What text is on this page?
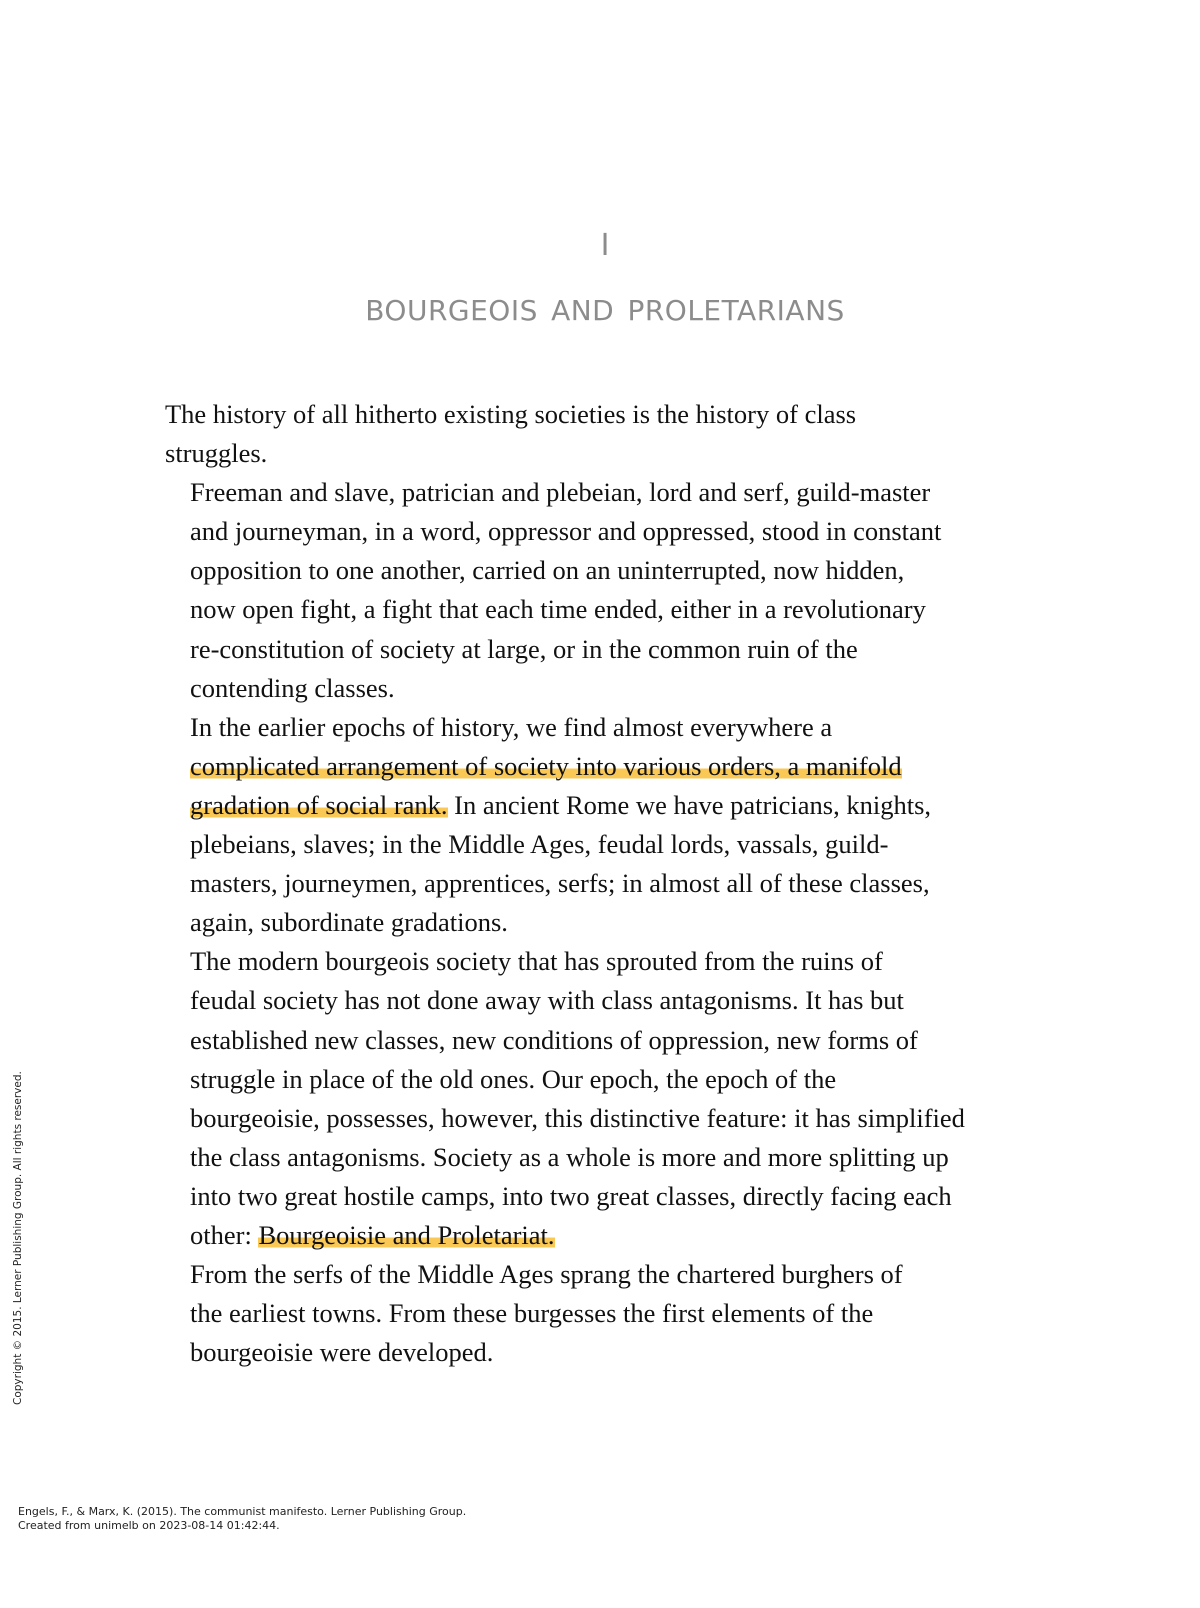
I
bourgeois and proletarians

The history of all hitherto existing societies is the history of class
struggles.

Freeman and slave, patrician and plebeian, lord and serf, guild-master
and journeyman, in a word, oppressor and oppressed, stood in constant
opposition to one another, carried on an uninterrupted, now hidden,
now open fight, a fight that each time ended, either in a revolutionary
re-constitution of society at large, or in the common ruin of the
contending classes.

In the earlier epochs of history, we find almost everywhere a
complicated arrangement of society into various orders, a manifold
gradation of social rank. In ancient Rome we have patricians, knights,
plebeians, slaves; in the Middle Ages, feudal lords, vassals, guild-
masters, journeymen, apprentices, serfs; in almost all of these classes,
again, subordinate gradations.

The modern bourgeois society that has sprouted from the ruins of
feudal society has not done away with class antagonisms. It has but
established new classes, new conditions of oppression, new forms of
struggle in place of the old ones. Our epoch, the epoch of the
bourgeoisie, possesses, however, this distinctive feature: it has simplified
the class antagonisms. Society as a whole is more and more splitting up
into two great hostile camps, into two great classes, directly facing each
other: Bourgeoisie and Proletariat.

From the serfs of the Middle Ages sprang the chartered burghers of
the earliest towns. From these burgesses the first elements of the
bourgeoisie were developed.

Copyright © 2015. Lerner Publishing Group. All rights reserved.
Engels, F., & Marx, K. (2015). The communist manifesto. Lerner Publishing Group.
Created from unimelb on 2023-08-14 01:42:44.
